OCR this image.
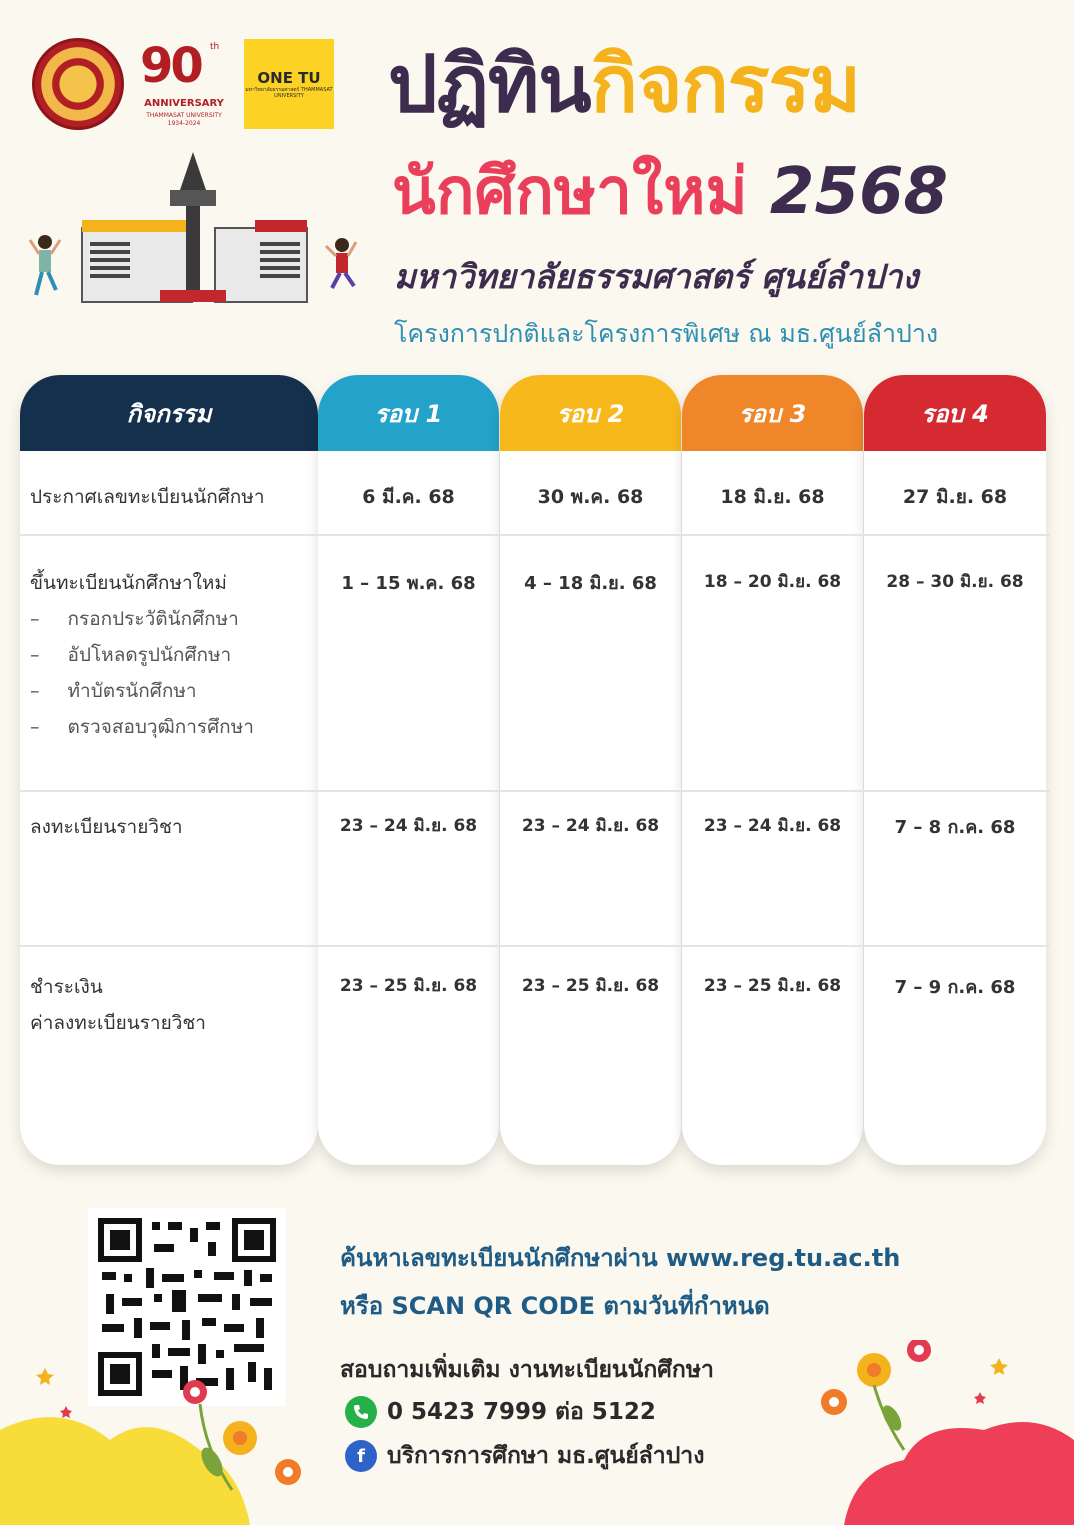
90 th
ANNIVERSARY
THAMMASAT UNIVERSITY
1934-2024
ONE TU
มหาวิทยาลัยธรรมศาสตร์ THAMMASAT UNIVERSITY	ปฏิทินกิจกรรม
นักศึกษาใหม่ 2568
มหาวิทยาลัยธรรมศาสตร์ ศูนย์ลำปาง
โครงการปกติและโครงการพิเศษ ณ มธ.ศูนย์ลำปาง
กิจกรรม	รอบ 1	รอบ 2	รอบ 3	รอบ 4
ประกาศเลขทะเบียนนักศึกษา	6 มี.ค. 68	30 พ.ค. 68	18 มิ.ย. 68	27 มิ.ย. 68
ขึ้นทะเบียนนักศึกษาใหม่
– กรอกประวัตินักศึกษา
– อัปโหลดรูปนักศึกษา
– ทำบัตรนักศึกษา
– ตรวจสอบวุฒิการศึกษา
1 – 15 พ.ค. 68	4 – 18 มิ.ย. 68	18 – 20 มิ.ย. 68	28 – 30 มิ.ย. 68
ลงทะเบียนรายวิชา	23 – 24 มิ.ย. 68	23 – 24 มิ.ย. 68	23 – 24 มิ.ย. 68	7 – 8 ก.ค. 68
ชำระเงิน
ค่าลงทะเบียนรายวิชา
23 – 25 มิ.ย. 68	23 – 25 มิ.ย. 68	23 – 25 มิ.ย. 68	7 – 9 ก.ค. 68
ค้นหาเลขทะเบียนนักศึกษาผ่าน www.reg.tu.ac.th
หรือ SCAN QR CODE ตามวันที่กำหนด
สอบถามเพิ่มเติม งานทะเบียนนักศึกษา
0 5423 7999 ต่อ 5122
f บริการการศึกษา มธ.ศูนย์ลำปาง
